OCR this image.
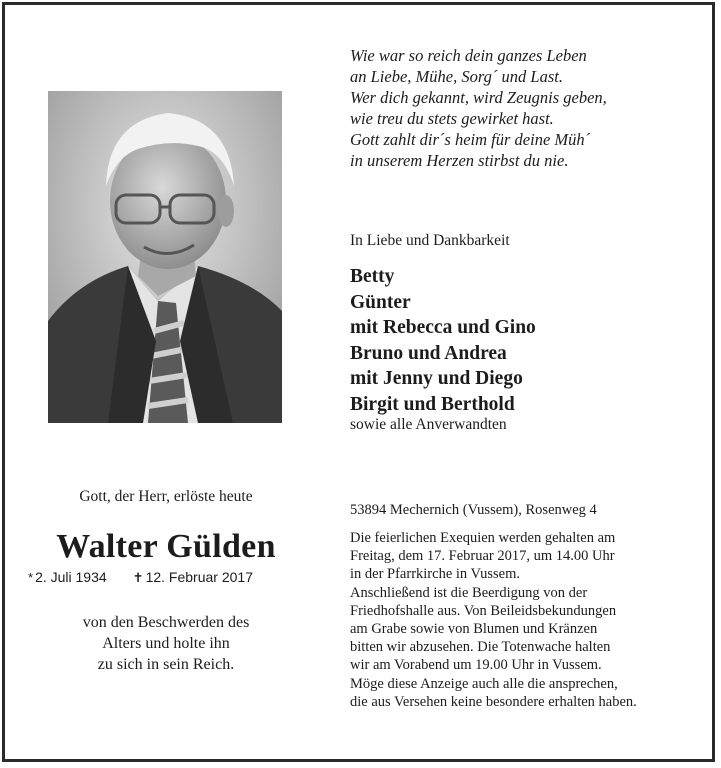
Wie war so reich dein ganzes Leben
an Liebe, Mühe, Sorg´ und Last.
Wer dich gekannt, wird Zeugnis geben,
wie treu du stets gewirket hast.
Gott zahlt dir´s heim für deine Müh´
in unserem Herzen stirbst du nie.
In Liebe und Dankbarkeit
Betty
Günter
mit Rebecca und Gino
Bruno und Andrea
mit Jenny und Diego
Birgit und Berthold
sowie alle Anverwandten
Gott, der Herr, erlöste heute
Walter Gülden
* 2. Juli 1934 ✝ 12. Februar 2017
von den Beschwerden des
Alters und holte ihn
zu sich in sein Reich.
53894 Mechernich (Vussem), Rosenweg 4
Die feierlichen Exequien werden gehalten am
Freitag, dem 17. Februar 2017, um 14.00 Uhr
in der Pfarrkirche in Vussem.
Anschließend ist die Beerdigung von der
Friedhofshalle aus. Von Beileidsbekundungen
am Grabe sowie von Blumen und Kränzen
bitten wir abzusehen. Die Totenwache halten
wir am Vorabend um 19.00 Uhr in Vussem.
Möge diese Anzeige auch alle die ansprechen,
die aus Versehen keine besondere erhalten haben.
